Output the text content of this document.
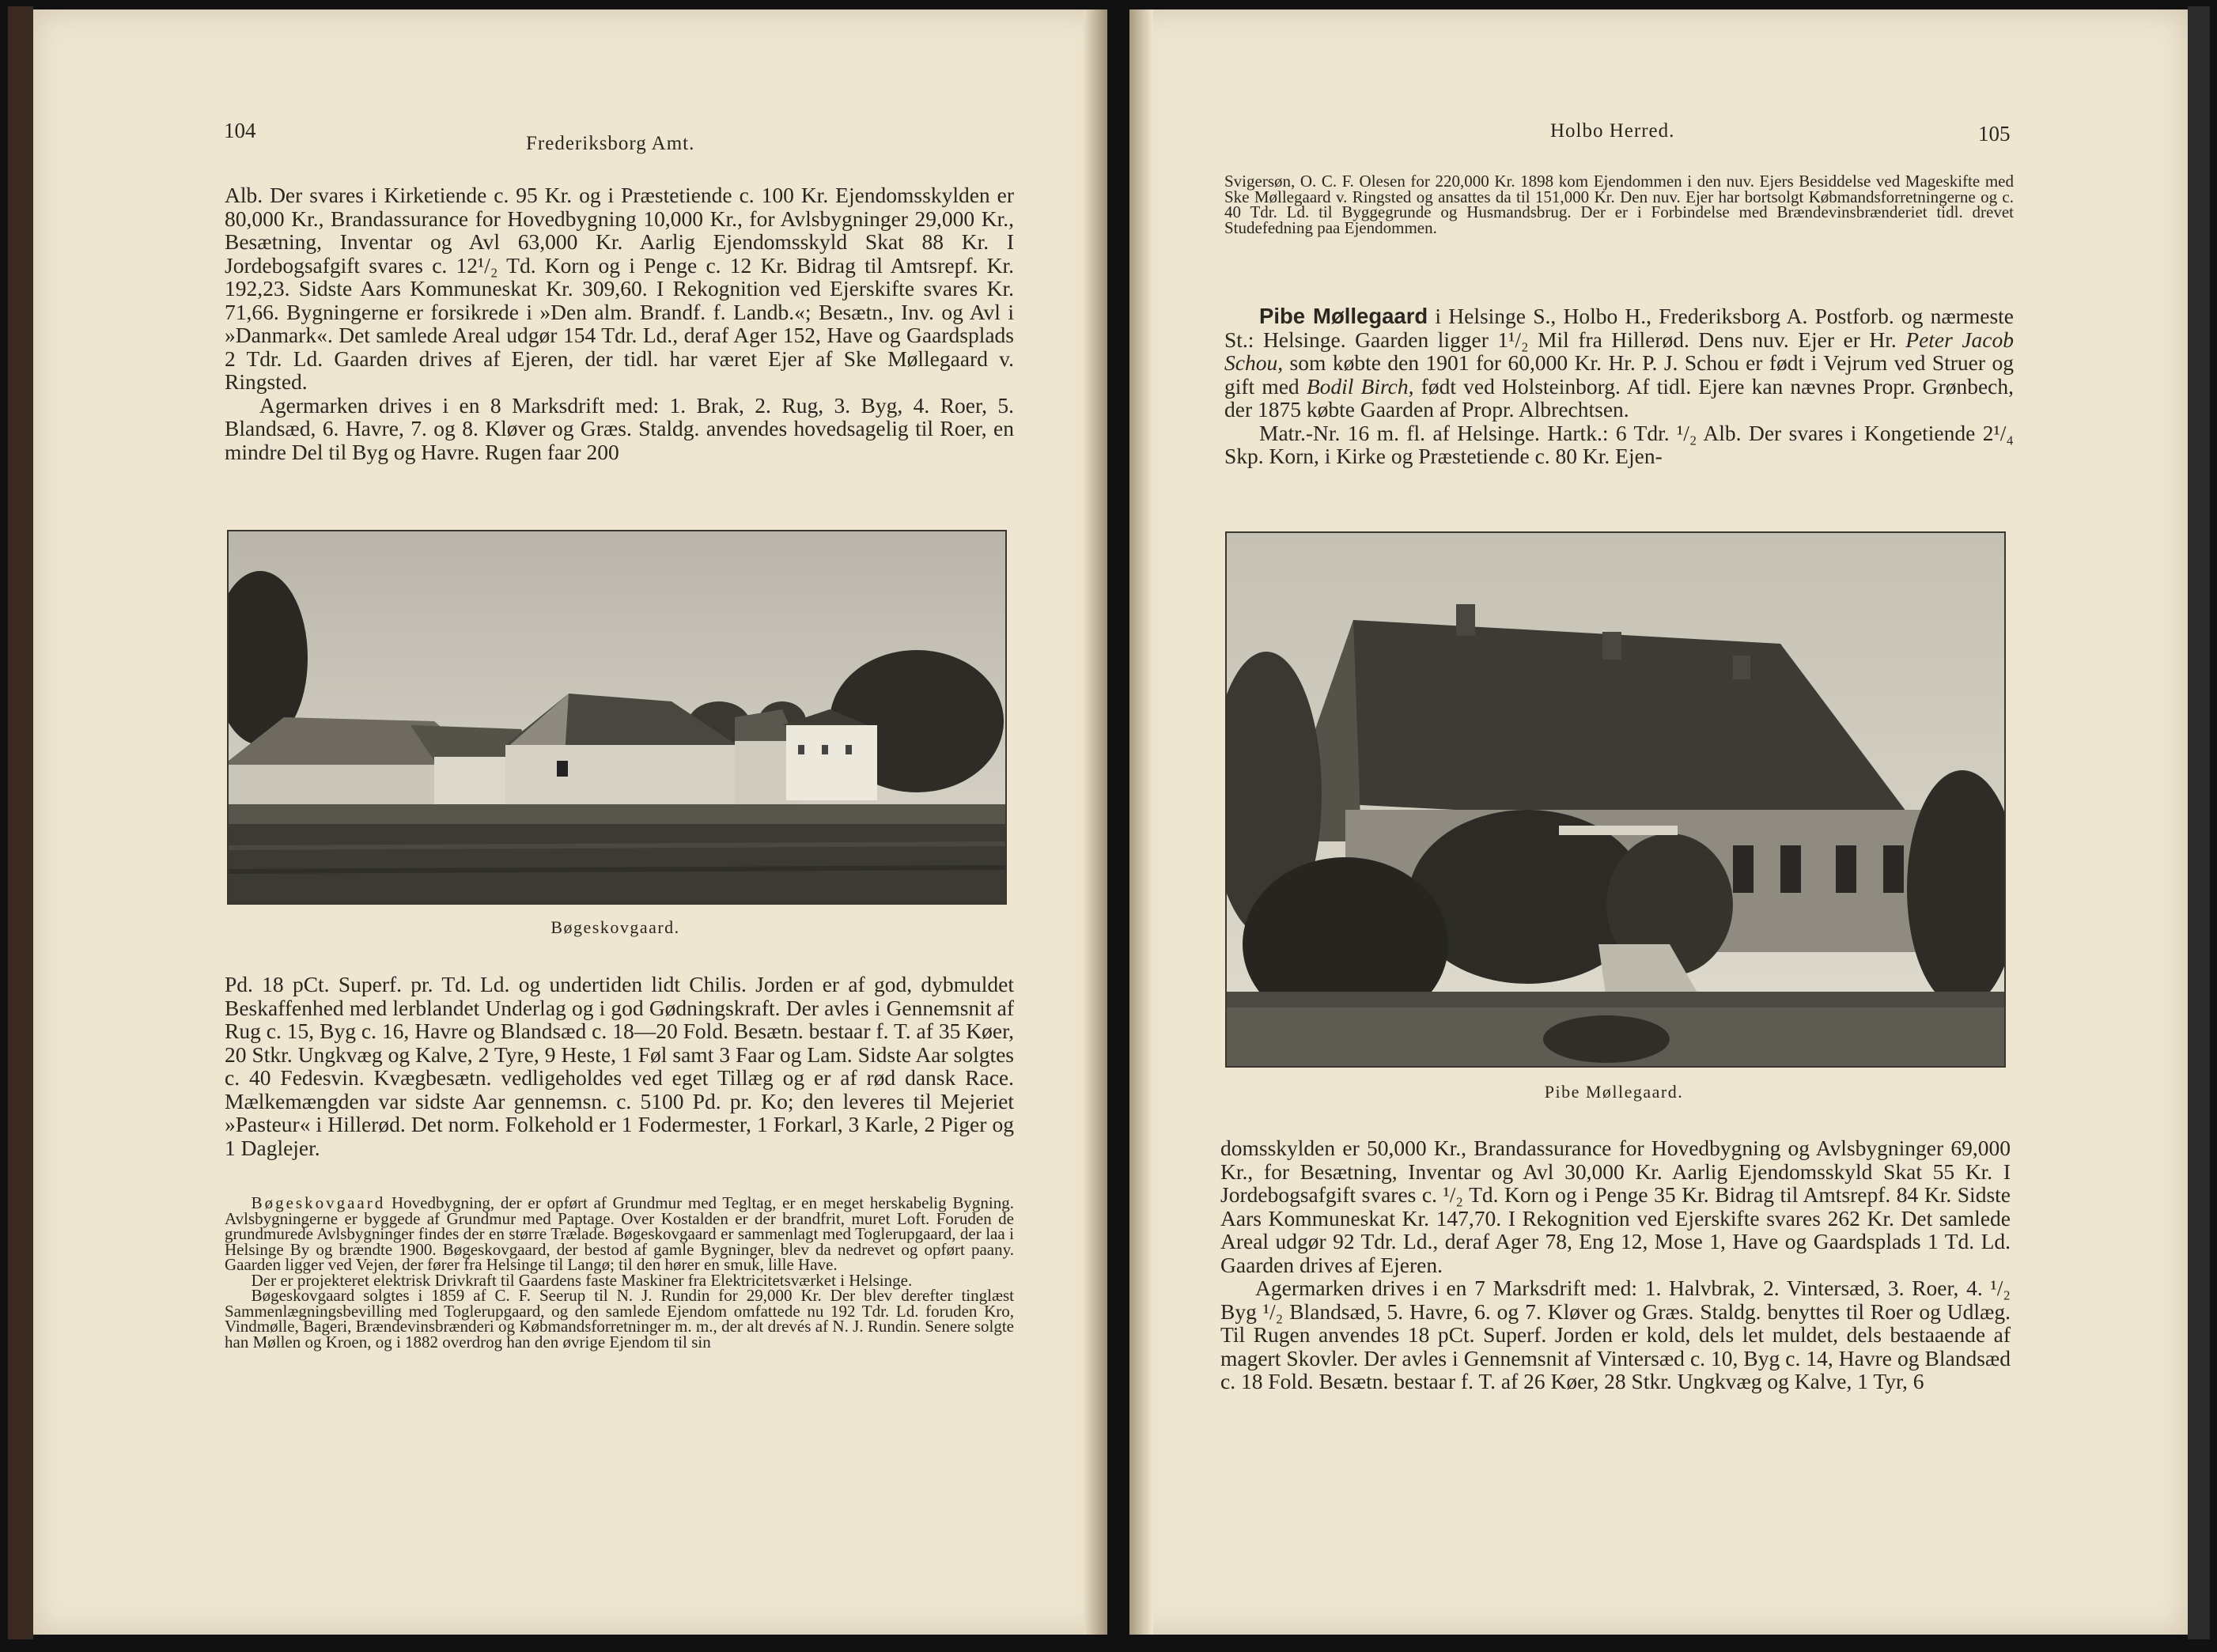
104
Frederiksborg Amt.

Alb. Der svares i Kirketiende c. 95 Kr. og i Præstetiende c. 100 Kr. Ejendomsskylden er 80,000 Kr., Brandassurance for Hovedbygning 10,000 Kr., for Avlsbygninger 29,000 Kr., Besætning, Inventar og Avl 63,000 Kr. Aarlig Ejendomsskyld Skat 88 Kr. I Jordebogsafgift svares c. 12¹/₂ Td. Korn og i Penge c. 12 Kr. Bidrag til Amtsrepf. Kr. 192,23. Sidste Aars Kommuneskat Kr. 309,60. I Rekognition ved Ejerskifte svares Kr. 71,66. Bygningerne er forsikrede i »Den alm. Brandf. f. Landb.«; Besætn., Inv. og Avl i »Danmark«. Det samlede Areal udgør 154 Tdr. Ld., deraf Ager 152, Have og Gaardsplads 2 Tdr. Ld. Gaarden drives af Ejeren, der tidl. har været Ejer af Ske Møllegaard v. Ringsted.

Agermarken drives i en 8 Marksdrift med: 1. Brak, 2. Rug, 3. Byg, 4. Roer, 5. Blandsæd, 6. Havre, 7. og 8. Kløver og Græs. Staldg. anvendes hovedsagelig til Roer, en mindre Del til Byg og Havre. Rugen faar 200

Bøgeskovgaard.
Pd. 18 pCt. Superf. pr. Td. Ld. og undertiden lidt Chilis. Jorden er af god, dybmuldet Beskaffenhed med lerblandet Underlag og i god Gødningskraft. Der avles i Gennemsnit af Rug c. 15, Byg c. 16, Havre og Blandsæd c. 18—20 Fold. Besætn. bestaar f. T. af 35 Køer, 20 Stkr. Ungkvæg og Kalve, 2 Tyre, 9 Heste, 1 Føl samt 3 Faar og Lam. Sidste Aar solgtes c. 40 Fedesvin. Kvægbesætn. vedligeholdes ved eget Tillæg og er af rød dansk Race. Mælkemængden var sidste Aar gennemsn. c. 5100 Pd. pr. Ko; den leveres til Mejeriet »Pasteur« i Hillerød. Det norm. Folkehold er 1 Fodermester, 1 Forkarl, 3 Karle, 2 Piger og 1 Daglejer.

Bøgeskovgaard Hovedbygning, der er opført af Grundmur med Tegltag, er en meget herskabelig Bygning. Avlsbygningerne er byggede af Grundmur med Paptage. Over Kostalden er der brandfrit, muret Loft. Foruden de grundmurede Avlsbygninger findes der en større Trælade. Bøgeskovgaard er sammenlagt med Toglerupgaard, der laa i Helsinge By og brændte 1900. Bøgeskovgaard, der bestod af gamle Bygninger, blev da nedrevet og opført paany. Gaarden ligger ved Vejen, der fører fra Helsinge til Langø; til den hører en smuk, lille Have.

Der er projekteret elektrisk Drivkraft til Gaardens faste Maskiner fra Elektricitetsværket i Helsinge.

Bøgeskovgaard solgtes i 1859 af C. F. Seerup til N. J. Rundin for 29,000 Kr. Der blev derefter tinglæst Sammenlægningsbevilling med Toglerupgaard, og den samlede Ejendom omfattede nu 192 Tdr. Ld. foruden Kro, Vindmølle, Bageri, Brændevinsbrænderi og Købmandsforretninger m. m., der alt drevés af N. J. Rundin. Senere solgte han Møllen og Kroen, og i 1882 overdrog han den øvrige Ejendom til sin

Holbo Herred.	105
Svigersøn, O. C. F. Olesen for 220,000 Kr. 1898 kom Ejendommen i den nuv. Ejers Besiddelse ved Mageskifte med Ske Møllegaard v. Ringsted og ansattes da til 151,000 Kr. Den nuv. Ejer har bortsolgt Købmandsforretningerne og c. 40 Tdr. Ld. til Byggegrunde og Husmandsbrug. Der er i Forbindelse med Brændevinsbrænderiet tidl. drevet Studefedning paa Ejendommen.

Pibe Møllegaard i Helsinge S., Holbo H., Frederiksborg A. Postforb. og nærmeste St.: Helsinge. Gaarden ligger 1¹/₂ Mil fra Hillerød. Dens nuv. Ejer er Hr. Peter Jacob Schou, som købte den 1901 for 60,000 Kr. Hr. P. J. Schou er født i Vejrum ved Struer og gift med Bodil Birch, født ved Holsteinborg. Af tidl. Ejere kan nævnes Propr. Grønbech, der 1875 købte Gaarden af Propr. Albrechtsen.

Matr.-Nr. 16 m. fl. af Helsinge. Hartk.: 6 Tdr. ¹/₂ Alb. Der svares i Kongetiende 2¹/₄ Skp. Korn, i Kirke og Præstetiende c. 80 Kr. Ejen-

Pibe Møllegaard.

domsskylden er 50,000 Kr., Brandassurance for Hovedbygning og Avlsbygninger 69,000 Kr., for Besætning, Inventar og Avl 30,000 Kr. Aarlig Ejendomsskyld Skat 55 Kr. I Jordebogsafgift svares c. ¹/₂ Td. Korn og i Penge 35 Kr. Bidrag til Amtsrepf. 84 Kr. Sidste Aars Kommuneskat Kr. 147,70. I Rekognition ved Ejerskifte svares 262 Kr. Det samlede Areal udgør 92 Tdr. Ld., deraf Ager 78, Eng 12, Mose 1, Have og Gaardsplads 1 Td. Ld. Gaarden drives af Ejeren.

Agermarken drives i en 7 Marksdrift med: 1. Halvbrak, 2. Vintersæd, 3. Roer, 4. ¹/₂ Byg ¹/₂ Blandsæd, 5. Havre, 6. og 7. Kløver og Græs. Staldg. benyttes til Roer og Udlæg. Til Rugen anvendes 18 pCt. Superf. Jorden er kold, dels let muldet, dels bestaaende af magert Skovler. Der avles i Gennemsnit af Vintersæd c. 10, Byg c. 14, Havre og Blandsæd c. 18 Fold. Besætn. bestaar f. T. af 26 Køer, 28 Stkr. Ungkvæg og Kalve, 1 Tyr, 6
